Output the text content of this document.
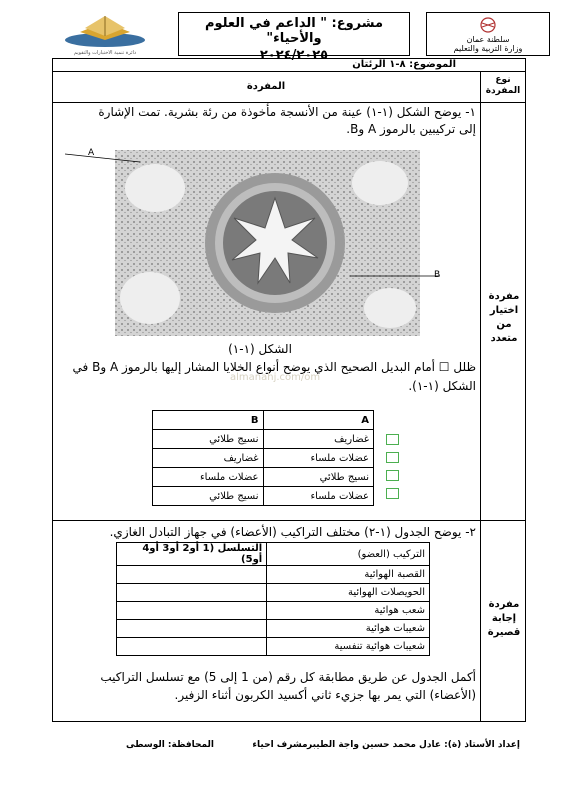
سلطنة عمان
وزارة التربية والتعليم
مشروع: " الداعم في العلوم والأحياء"
٢٠٢٤/٢٠٢٥
دائرة تنمية الاختبارات والتقويم
الموضوع: ٨-١ الرئتان
نوع المفردة
المفردة
مفردة اختيار من متعدد
١- يوضح الشكل (١-١) عينة من الأنسجة مأخوذة من رئة بشرية. تمت الإشارة إلى تركيبين بالرموز A وB.
A
B
الشكل (١-١)
ظلل ☐ أمام البديل الصحيح الذي يوضح أنواع الخلايا المشار إليها بالرموز A وB في الشكل (١-١).
almanahj.com/om
A	B
غضاريف	نسيج طلائي
عضلات ملساء	غضاريف
نسيج طلائي	عضلات ملساء
عضلات ملساء	نسيج طلائي
مفردة إجابة قصيرة
٢- يوضح الجدول (١-٢) مختلف التراكيب (الأعضاء) في جهاز التبادل الغازي.
التركيب (العضو)	التسلسل (1 أو2 أو3 أو4 أو5)
القصبة الهوائية	
الحويصلات الهوائية	
شعب هوائية	
شعيبات هوائية	
شعيبات هوائية تنفسية	
أكمل الجدول عن طريق مطابقة كل رقم (من 1 إلى 5) مع تسلسل التراكيب (الأعضاء) التي يمر بها جزيء ثاني أكسيد الكربون أثناء الزفير.
إعداد الأستاذ (ة): عادل محمد حسين واجة الطيبر
مشرف احياء
المحافظة: الوسطى
